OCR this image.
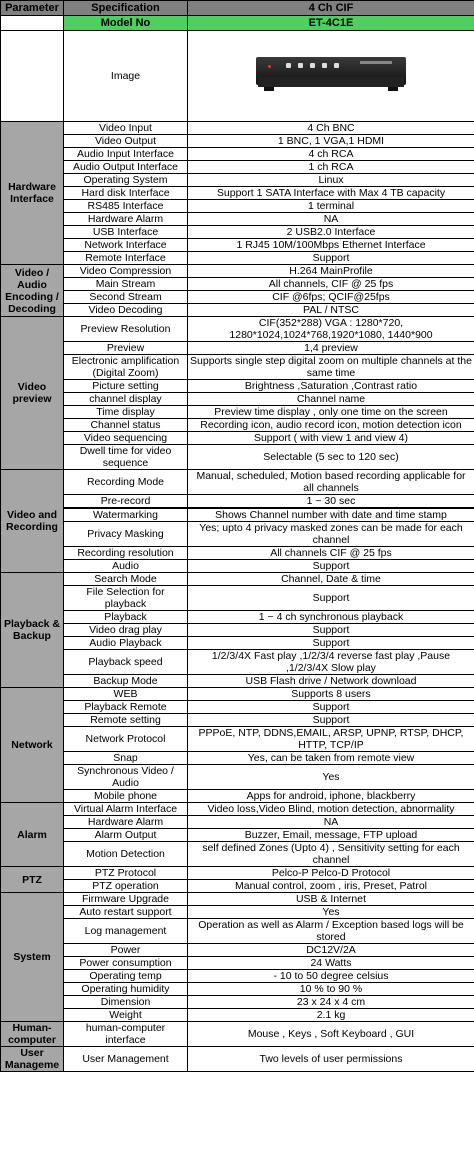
Parameter	Specification	4 Ch CIF
	Model No	ET-4C1E
	Image	

Hardware Interface	Video Input	4 Ch BNC
	Video Output	1 BNC, 1 VGA,1 HDMI
	Audio Input Interface	4 ch RCA
	Audio Output Interface	1 ch RCA
	Operating System	Linux
	Hard disk Interface	Support 1 SATA Interface with Max 4 TB capacity
	RS485 Interface	1 terminal
	Hardware Alarm	NA
	USB Interface	2 USB2.0 Interface
	Network Interface	1 RJ45 10M/100Mbps Ethernet Interface
	Remote Interface	Support
Video / Audio Encoding / Decoding	Video Compression	H.264 MainProfile
	Main Stream	All channels, CIF @ 25 fps
	Second Stream	CIF @6fps; QCIF@25fps
	Video Decoding	PAL / NTSC
Video preview	Preview Resolution	CIF(352*288) VGA : 1280*720, 1280*1024,1024*768,1920*1080, 1440*900
	Preview	1,4 preview
	Electronic amplification (Digital Zoom)	Supports single step digital zoom on multiple channels at the same time
	Picture setting	Brightness ,Saturation ,Contrast ratio
	channel display	Channel name
	Time display	Preview time display , only one time on the screen
	Channel status	Recording icon, audio record icon, motion detection icon
	Video sequencing	Support ( with view 1 and view 4)
	Dwell time for video sequence	Selectable (5 sec to 120 sec)
Video and Recording	Recording Mode	Manual, scheduled, Motion based recording applicable for all channels
	Pre-record	1 ~ 30 sec

	Watermarking	Shows Channel number with date and time stamp
	Privacy Masking	Yes; upto 4 privacy masked zones can be made for each channel
	Recording resolution	All channels CIF @ 25 fps
	Audio	Support
Playback & Backup	Search Mode	Channel, Date & time
	File Selection for playback	Support
	Playback	1 ~ 4 ch synchronous playback
	Video drag play	Support
	Audio Playback	Support
	Playback speed	1/2/3/4X Fast play ,1/2/3/4 reverse fast play ,Pause ,1/2/3/4X Slow play
	Backup Mode	USB Flash drive / Network download
Network	WEB	Supports 8 users
	Playback Remote	Support
	Remote setting	Support
	Network Protocol	PPPoE, NTP, DDNS,EMAIL, ARSP, UPNP, RTSP, DHCP, HTTP, TCP/IP
	Snap	Yes, can be taken from remote view
	Synchronous Video / Audio	Yes
	Mobile phone	Apps for android, iphone, blackberry
Alarm	Virtual Alarm Interface	Video loss,Video Blind, motion detection, abnormality
	Hardware Alarm	NA
	Alarm Output	Buzzer, Email, message, FTP upload
	Motion Detection	self defined Zones (Upto 4) , Sensitivity setting for each channel
PTZ	PTZ Protocol	Pelco-P Pelco-D Protocol
	PTZ operation	Manual control, zoom , iris, Preset, Patrol
System	Firmware Upgrade	USB & Internet
	Auto restart support	Yes
	Log management	Operation as well as Alarm / Exception based logs will be stored
	Power	DC12V/2A
	Power consumption	24 Watts
	Operating temp	- 10 to 50 degree celsius
	Operating humidity	10 % to 90 %
	Dimension	23 x 24 x 4 cm
	Weight	2.1 kg
Human-computer	human-computer interface	Mouse , Keys , Soft Keyboard , GUI
User Manageme	User Management	Two levels of user permissions
